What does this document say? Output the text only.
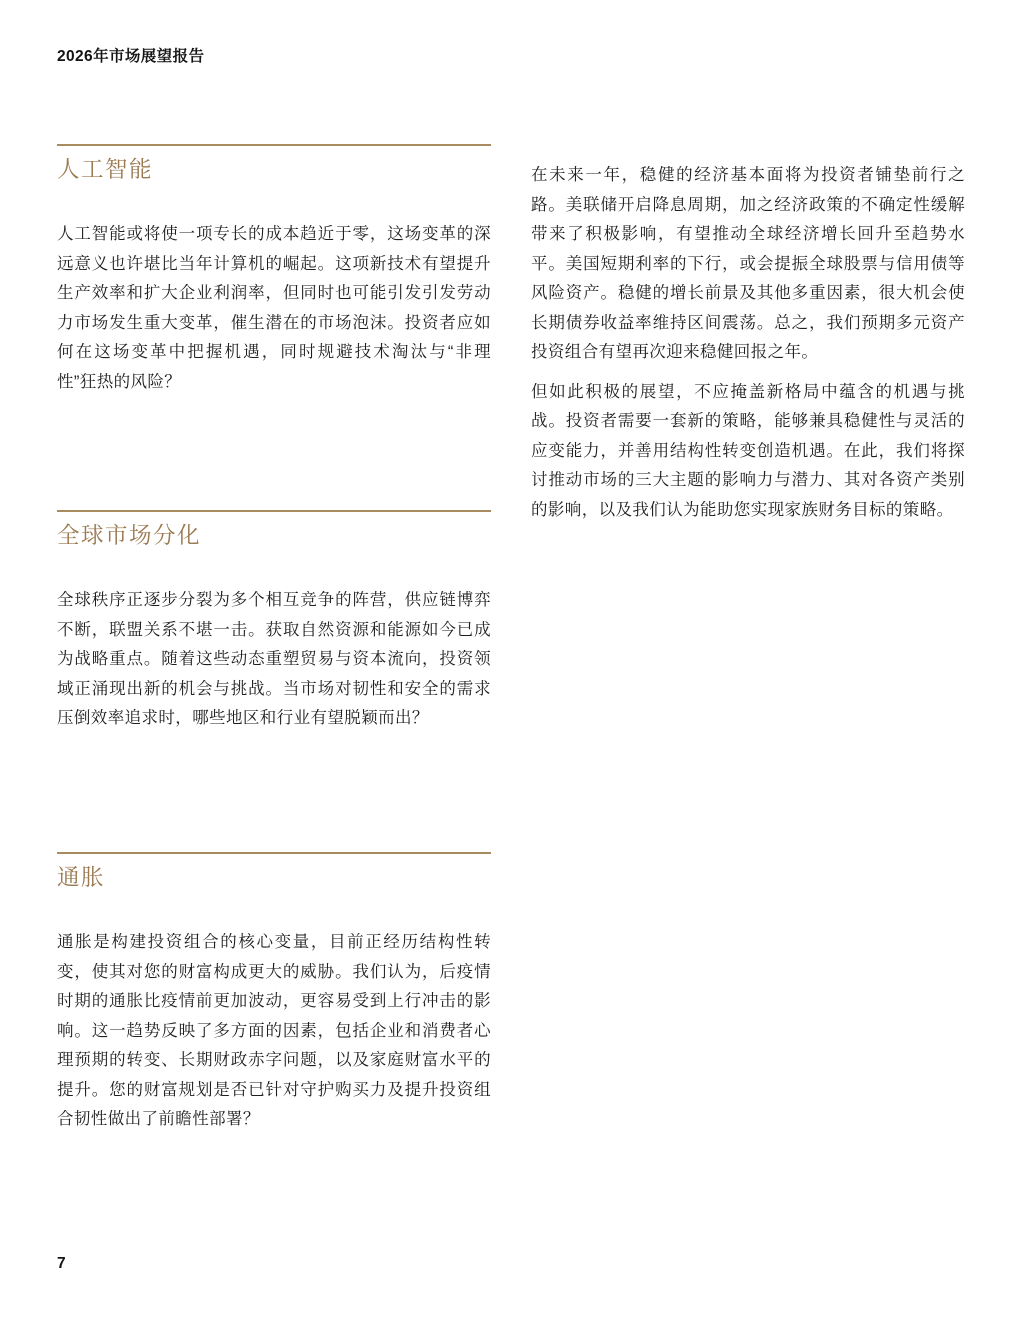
2026年市场展望报告
人工智能

人工智能或将使一项专长的成本趋近于零，这场变革的深远意义也许堪比当年计算机的崛起。这项新技术有望提升生产效率和扩大企业利润率，但同时也可能引发引发劳动力市场发生重大变革，催生潜在的市场泡沫。投资者应如何在这场变革中把握机遇，同时规避技术淘汰与“非理性”狂热的风险？

全球市场分化

全球秩序正逐步分裂为多个相互竞争的阵营，供应链博弈不断，联盟关系不堪一击。获取自然资源和能源如今已成为战略重点。随着这些动态重塑贸易与资本流向，投资领域正涌现出新的机会与挑战。当市场对韧性和安全的需求压倒效率追求时，哪些地区和行业有望脱颖而出？

通胀

通胀是构建投资组合的核心变量，目前正经历结构性转变，使其对您的财富构成更大的威胁。我们认为，后疫情时期的通胀比疫情前更加波动，更容易受到上行冲击的影响。这一趋势反映了多方面的因素，包括企业和消费者心理预期的转变、长期财政赤字问题，以及家庭财富水平的提升。您的财富规划是否已针对守护购买力及提升投资组合韧性做出了前瞻性部署？

在未来一年，稳健的经济基本面将为投资者铺垫前行之路。美联储开启降息周期，加之经济政策的不确定性缓解带来了积极影响，有望推动全球经济增长回升至趋势水平。美国短期利率的下行，或会提振全球股票与信用债等风险资产。稳健的增长前景及其他多重因素，很大机会使长期债券收益率维持区间震荡。总之，我们预期多元资产投资组合有望再次迎来稳健回报之年。

但如此积极的展望，不应掩盖新格局中蕴含的机遇与挑战。投资者需要一套新的策略，能够兼具稳健性与灵活的应变能力，并善用结构性转变创造机遇。在此，我们将探讨推动市场的三大主题的影响力与潜力、其对各资产类别的影响，以及我们认为能助您实现家族财务目标的策略。

7
